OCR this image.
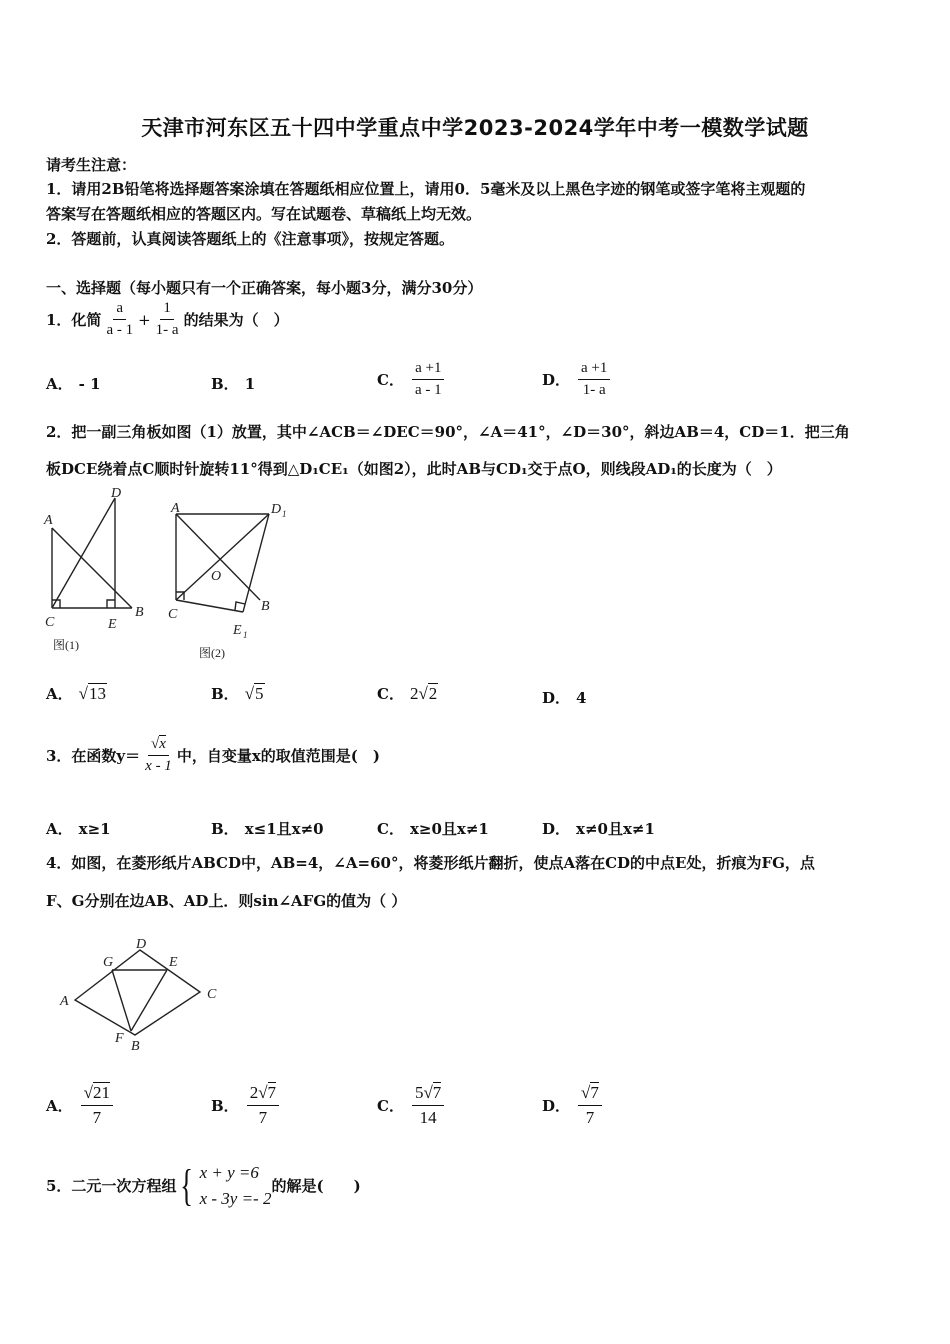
天津市河东区五十四中学重点中学2023-2024学年中考一模数学试题
请考生注意：
1．请用2B铅笔将选择题答案涂填在答题纸相应位置上，请用0．5毫米及以上黑色字迹的钢笔或签字笔将主观题的
答案写在答题纸相应的答题区内。写在试题卷、草稿纸上均无效。
2．答题前，认真阅读答题纸上的《注意事项》，按规定答题。
一、选择题（每小题只有一个正确答案，每小题3分，满分30分）
1．化简 $\frac{a}{a - 1} + \frac{1}{1- a}$ 的结果为（　）
A． - 1	B． 1	C． $\frac{a +1}{a - 1}$	D． $\frac{a +1}{1- a}$
2．把一副三角板如图（1）放置，其中∠ACB＝∠DEC＝90°，∠A＝41°，∠D＝30°，斜边AB＝4，CD＝1．把三角
板DCE绕着点C顺时针旋转11°得到△D₁CE₁（如图2），此时AB与CD₁交于点O，则线段AD₁的长度为（　）
A
D
C	E
B
图(1)
A	D 1
O
C
B
E 1
图(2)
A． √13	B． √5	C． 2√2	D． 4
3．在函数$y= \frac{√x}{x - 1}$ 中，自变量x的取值范围是(　)
A． x≥1	B． x≤1且x≠0	C． x≥0且x≠1	D． x≠0且x≠1
4．如图，在菱形纸片ABCD中，AB=4，∠A=60°，将菱形纸片翻折，使点A落在CD的中点E处，折痕为FG，点
F、G分别在边AB、AD上．则sin∠AFG的值为（ ）
A
D
G	E
C
F
B
A． $\frac{√21}{7}$	B． $\frac{2√7}{7}$	C． $\frac{5√7}{14}$	D． $\frac{√7}{7}$
5．二元一次方程组 { x + y =6
x - 3y =- 2
的解是(　　)
